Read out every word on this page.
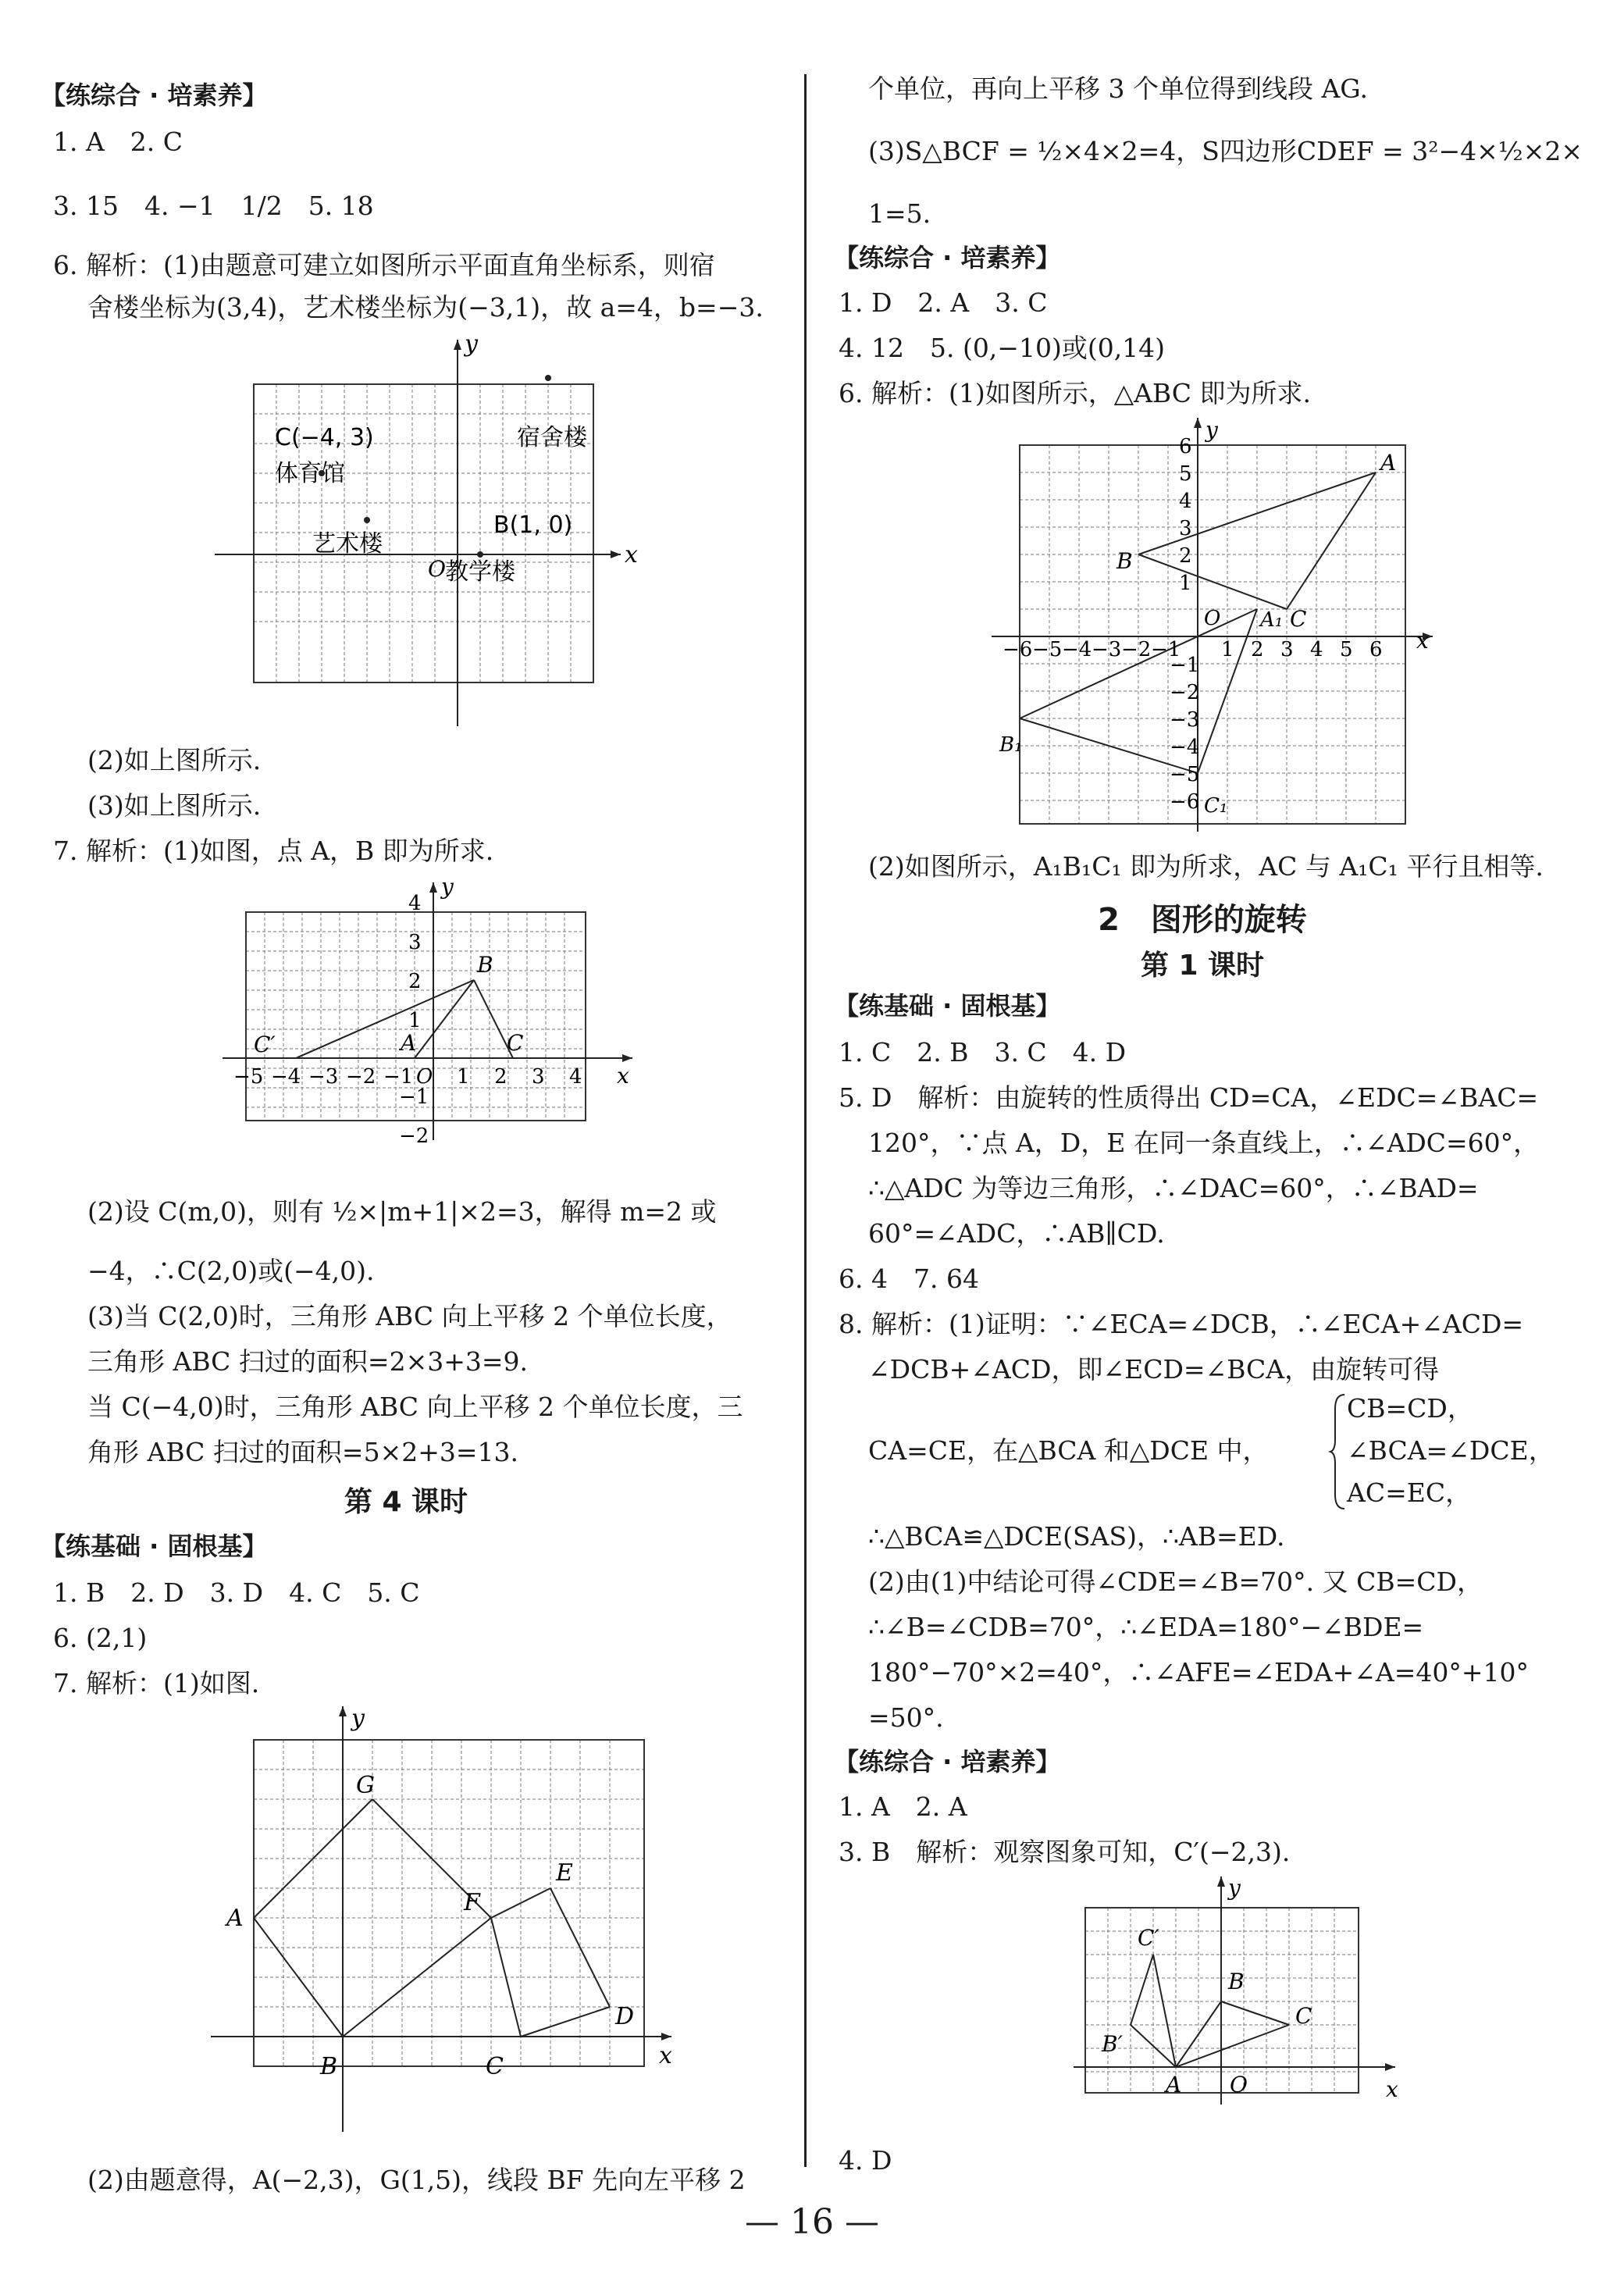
【练综合 · 培素养】
1. A　2. C
3. 15　4. −1　1/2　5. 18
6. 解析：(1)由题意可建立如图所示平面直角坐标系，则宿
舍楼坐标为(3,4)，艺术楼坐标为(−3,1)，故 a=4，b=−3.
y
x
O
C(−4, 3)
体育馆
宿舍楼
艺术楼
B(1, 0)
教学楼
(2)如上图所示.
(3)如上图所示.
7. 解析：(1)如图，点 A，B 即为所求.
y
x
A
B
C
C′
O
−5 −4 −3 −2 −1 1 2 3 4
4
3
2
1
−1
−2
(2)设 C(m,0)，则有 ½×|m+1|×2=3，解得 m=2 或
−4，∴C(2,0)或(−4,0).
(3)当 C(2,0)时，三角形 ABC 向上平移 2 个单位长度，
三角形 ABC 扫过的面积=2×3+3=9.
当 C(−4,0)时，三角形 ABC 向上平移 2 个单位长度，三
角形 ABC 扫过的面积=5×2+3=13.
第 4 课时
【练基础 · 固根基】
1. B　2. D　3. D　4. C　5. C
6. (2,1)
7. 解析：(1)如图.
y
x
A
B	C
D
E
F
G
(2)由题意得，A(−2,3)，G(1,5)，线段 BF 先向左平移 2
个单位，再向上平移 3 个单位得到线段 AG.
(3)S△BCF = ½×4×2=4，S四边形CDEF = 3²−4×½×2×
1=5.
【练综合 · 培素养】
1. D　2. A　3. C
4. 12　5. (0,−10)或(0,14)
6. 解析：(1)如图所示，△ABC 即为所求.
y
x
O
A
B
C
A₁
B₁
C₁
−6 −5 −4 −3 −2 −1 1 2 3 4 5 6
6
5
4
3
2
1
−1
−2
−3
−4
−5
−6
(2)如图所示，A₁B₁C₁ 即为所求，AC 与 A₁C₁ 平行且相等.
2　图形的旋转
第 1 课时
【练基础 · 固根基】
1. C　2. B　3. C　4. D
5. D　解析：由旋转的性质得出 CD=CA，∠EDC=∠BAC=
120°，∵点 A，D，E 在同一条直线上，∴∠ADC=60°，
∴△ADC 为等边三角形，∴∠DAC=60°，∴∠BAD=
60°=∠ADC，∴AB∥CD.
6. 4　7. 64
8. 解析：(1)证明：∵∠ECA=∠DCB，∴∠ECA+∠ACD=
∠DCB+∠ACD，即∠ECD=∠BCA，由旋转可得
CB=CD，
CA=CE，在△BCA 和△DCE 中，	∠BCA=∠DCE，
AC=EC，
∴△BCA≌△DCE(SAS)，∴AB=ED.
(2)由(1)中结论可得∠CDE=∠B=70°. 又 CB=CD，
∴∠B=∠CDB=70°，∴∠EDA=180°−∠BDE=
180°−70°×2=40°，∴∠AFE=∠EDA+∠A=40°+10°
=50°.
【练综合 · 培素养】
1. A　2. A
3. B　解析：观察图象可知，C′(−2,3).
y
x
O
A
B
C
B′
C′
4. D
— 16 —
